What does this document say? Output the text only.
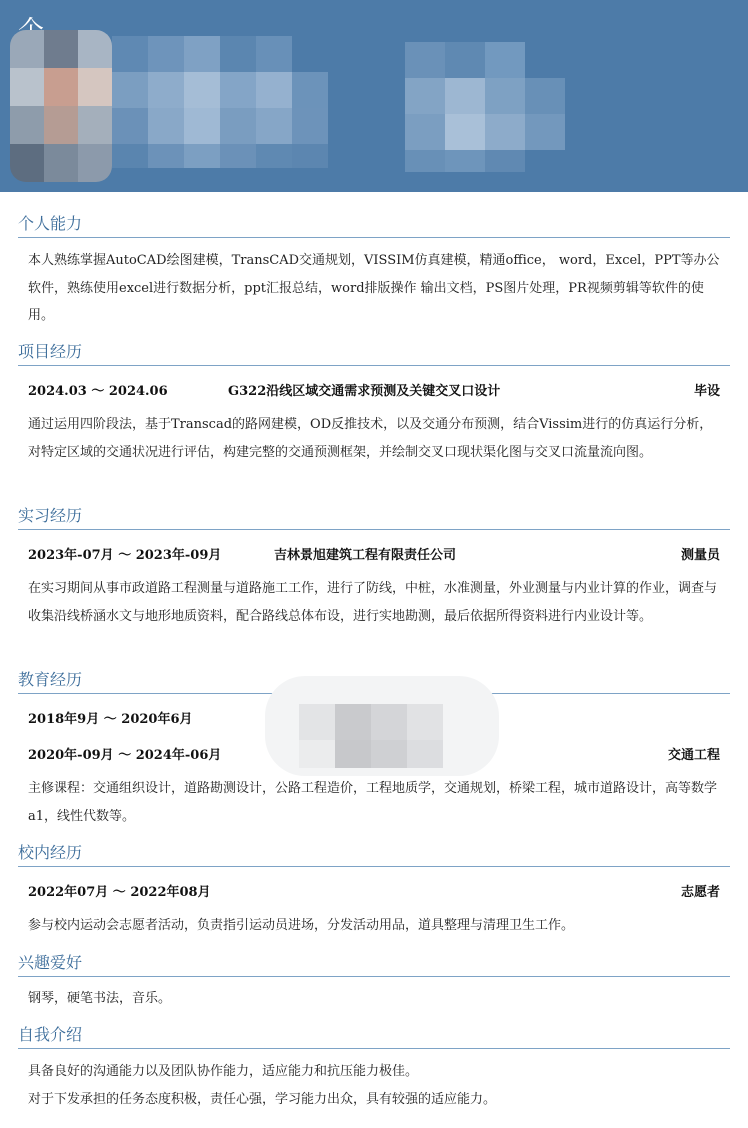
个人能力
本人熟练掌握AutoCAD绘图建模，TransCAD交通规划，VISSIM仿真建模，精通office， word，Excel，PPT等办公软件，熟练使用excel进行数据分析，ppt汇报总结，word排版操作 输出文档，PS图片处理，PR视频剪辑等软件的使用。
项目经历
2024.03 ～ 2024.06	G322沿线区域交通需求预测及关键交叉口设计	毕设
通过运用四阶段法，基于Transcad的路网建模，OD反推技术，以及交通分布预测，结合Vissim进行的仿真运行分析，对特定区域的交通状况进行评估，构建完整的交通预测框架，并绘制交叉口现状渠化图与交叉口流量流向图。
实习经历
2023年-07月 ～ 2023年-09月	吉林景旭建筑工程有限责任公司	测量员
在实习期间从事市政道路工程测量与道路施工工作，进行了防线，中桩，水准测量，外业测量与内业计算的作业，调查与收集沿线桥涵水文与地形地质资料，配合路线总体布设，进行实地勘测，最后依据所得资料进行内业设计等。
教育经历
2018年9月 ～ 2020年6月
2020年-09月 ～ 2024年-06月	交通工程
主修课程：交通组织设计，道路勘测设计，公路工程造价，工程地质学，交通规划，桥梁工程，城市道路设计，高等数学a1，线性代数等。
校内经历
2022年07月 ～ 2022年08月	志愿者
参与校内运动会志愿者活动，负责指引运动员进场，分发活动用品，道具整理与清理卫生工作。
兴趣爱好
钢琴，硬笔书法，音乐。
自我介绍
具备良好的沟通能力以及团队协作能力，适应能力和抗压能力极佳。
对于下发承担的任务态度积极，责任心强，学习能力出众，具有较强的适应能力。
